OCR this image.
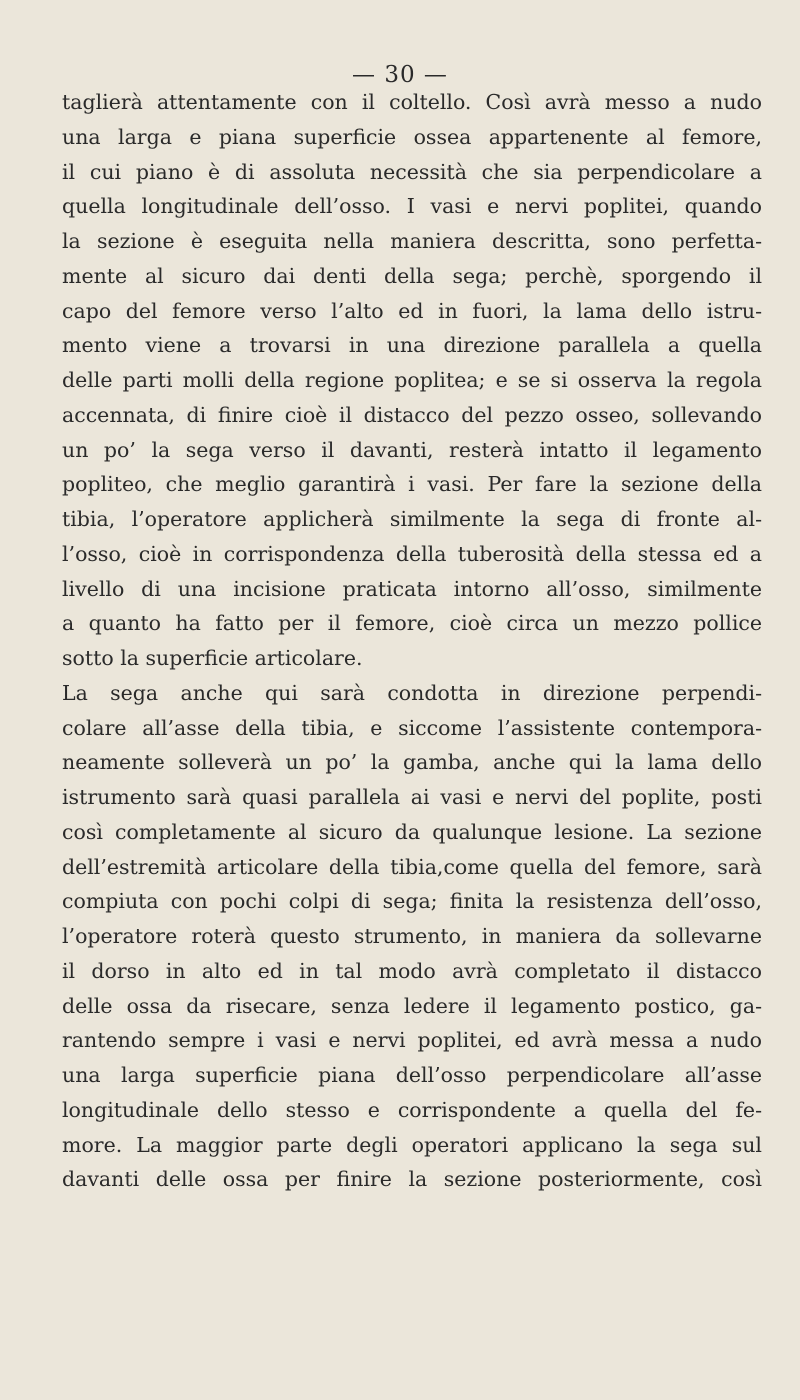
— 30 —
taglierà attentamente con il coltello. Così avrà messo a nudo
una larga e piana superficie ossea appartenente al femore,
il cui piano è di assoluta necessità che sia perpendicolare a
quella longitudinale dell’osso. I vasi e nervi poplitei, quando
la sezione è eseguita nella maniera descritta, sono perfetta-
mente al sicuro dai denti della sega; perchè, sporgendo il
capo del femore verso l’alto ed in fuori, la lama dello istru-
mento viene a trovarsi in una direzione parallela a quella
delle parti molli della regione poplitea; e se si osserva la regola
accennata, di finire cioè il distacco del pezzo osseo, sollevando
un po’ la sega verso il davanti, resterà intatto il legamento
popliteo, che meglio garantirà i vasi. Per fare la sezione della
tibia, l’operatore applicherà similmente la sega di fronte al-
l’osso, cioè in corrispondenza della tuberosità della stessa ed a
livello di una incisione praticata intorno all’osso, similmente
a quanto ha fatto per il femore, cioè circa un mezzo pollice
sotto la superficie articolare.
La sega anche qui sarà condotta in direzione perpendi-
colare all’asse della tibia, e siccome l’assistente contempora-
neamente solleverà un po’ la gamba, anche qui la lama dello
istrumento sarà quasi parallela ai vasi e nervi del poplite, posti
così completamente al sicuro da qualunque lesione. La sezione
dell’estremità articolare della tibia,come quella del femore, sarà
compiuta con pochi colpi di sega; finita la resistenza dell’osso,
l’operatore roterà questo strumento, in maniera da sollevarne
il dorso in alto ed in tal modo avrà completato il distacco
delle ossa da risecare, senza ledere il legamento postico, ga-
rantendo sempre i vasi e nervi poplitei, ed avrà messa a nudo
una larga superficie piana dell’osso perpendicolare all’asse
longitudinale dello stesso e corrispondente a quella del fe-
more. La maggior parte degli operatori applicano la sega sul
davanti delle ossa per finire la sezione posteriormente, così
